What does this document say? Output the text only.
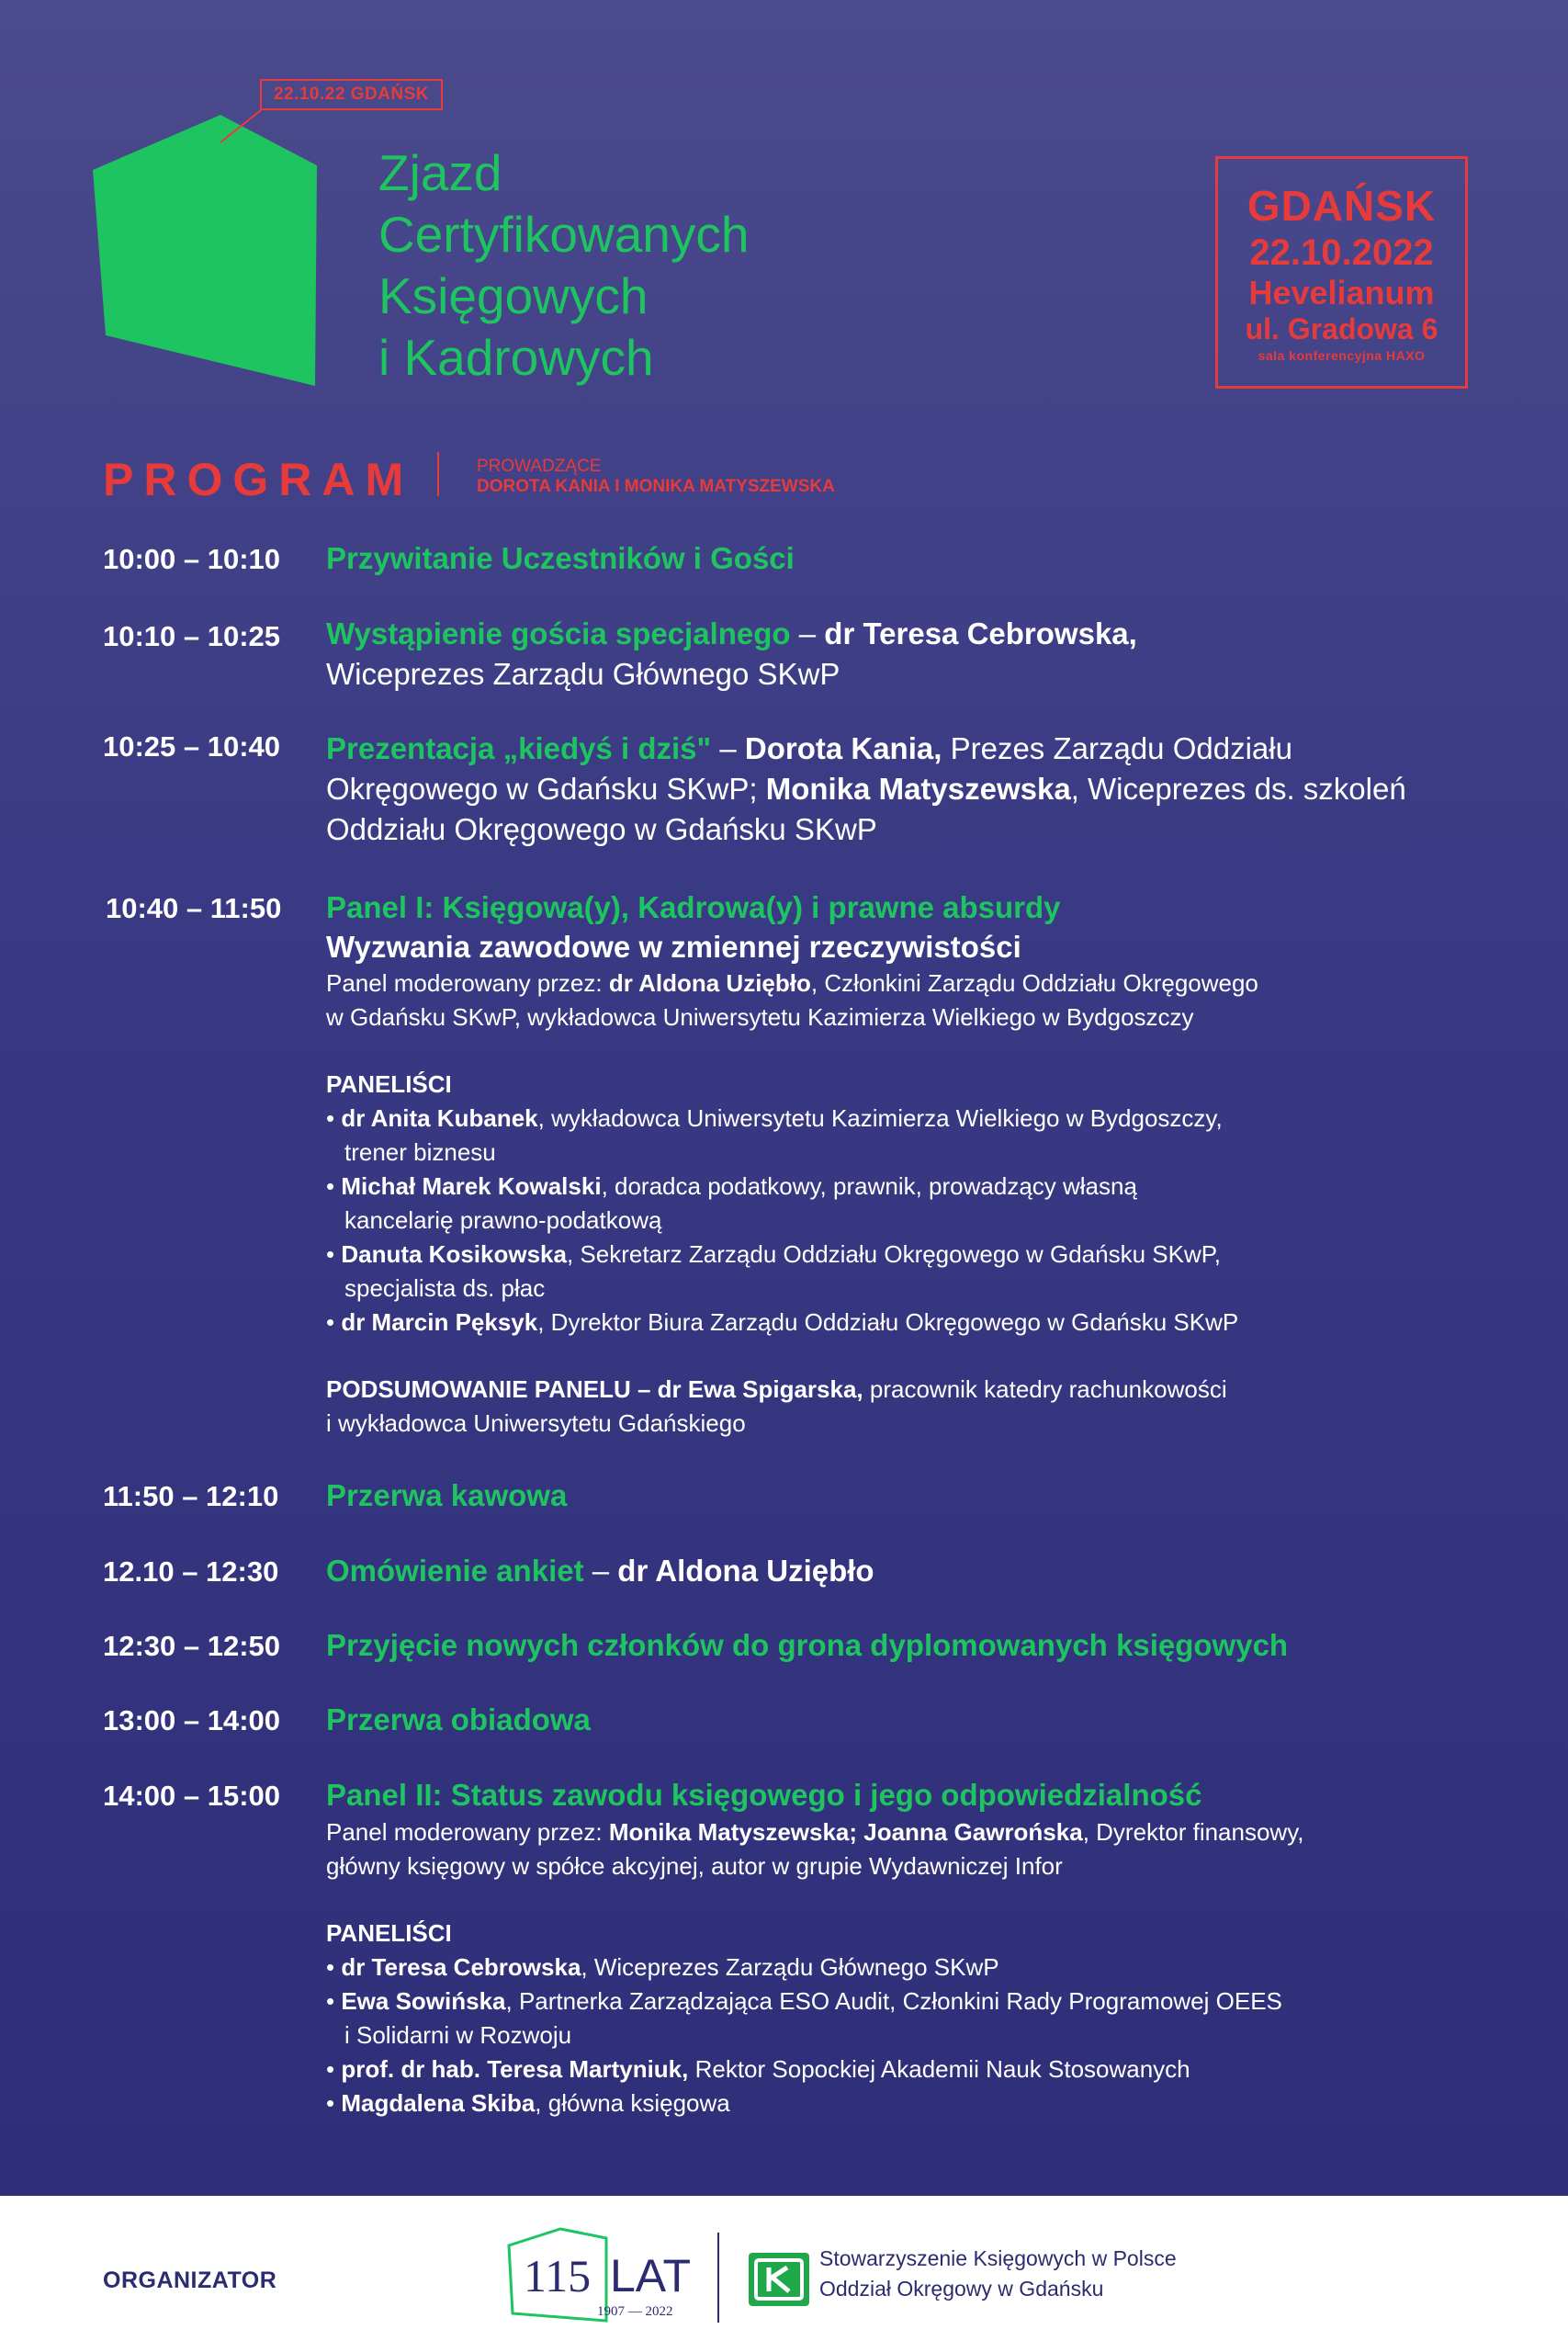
22.10.22 GDAŃSK
Zjazd
Certyfikowanych
Księgowych
i Kadrowych
GDAŃSK
22.10.2022
Hevelianum
ul. Gradowa 6
sala konferencyjna HAXO
PROGRAM	PROWADZĄCE
DOROTA KANIA I MONIKA MATYSZEWSKA
10:00 – 10:10 Przywitanie Uczestników i Gości
10:10 – 10:25 Wystąpienie gościa specjalnego – dr Teresa Cebrowska,
Wiceprezes Zarządu Głównego SKwP
10:25 – 10:40 Prezentacja „kiedyś i dziś" – Dorota Kania, Prezes Zarządu Oddziału
Okręgowego w Gdańsku SKwP; Monika Matyszewska, Wiceprezes ds. szkoleń
Oddziału Okręgowego w Gdańsku SKwP
10:40 – 11:50 Panel I: Księgowa(y), Kadrowa(y) i prawne absurdy
Wyzwania zawodowe w zmiennej rzeczywistości
Panel moderowany przez: dr Aldona Uziębło, Członkini Zarządu Oddziału Okręgowego
w Gdańsku SKwP, wykładowca Uniwersytetu Kazimierza Wielkiego w Bydgoszczy
PANELIŚCI
• dr Anita Kubanek, wykładowca Uniwersytetu Kazimierza Wielkiego w Bydgoszczy,
trener biznesu
• Michał Marek Kowalski, doradca podatkowy, prawnik, prowadzący własną
kancelarię prawno-podatkową
• Danuta Kosikowska, Sekretarz Zarządu Oddziału Okręgowego w Gdańsku SKwP,
specjalista ds. płac
• dr Marcin Pęksyk, Dyrektor Biura Zarządu Oddziału Okręgowego w Gdańsku SKwP
PODSUMOWANIE PANELU – dr Ewa Spigarska, pracownik katedry rachunkowości
i wykładowca Uniwersytetu Gdańskiego
11:50 – 12:10 Przerwa kawowa
12.10 – 12:30 Omówienie ankiet – dr Aldona Uziębło
12:30 – 12:50 Przyjęcie nowych członków do grona dyplomowanych księgowych
13:00 – 14:00 Przerwa obiadowa
14:00 – 15:00 Panel II: Status zawodu księgowego i jego odpowiedzialność
Panel moderowany przez: Monika Matyszewska; Joanna Gawrońska, Dyrektor finansowy,
główny księgowy w spółce akcyjnej, autor w grupie Wydawniczej Infor
PANELIŚCI
• dr Teresa Cebrowska, Wiceprezes Zarządu Głównego SKwP
• Ewa Sowińska, Partnerka Zarządzająca ESO Audit, Członkini Rady Programowej OEES
i Solidarni w Rozwoju
• prof. dr hab. Teresa Martyniuk, Rektor Sopockiej Akademii Nauk Stosowanych
• Magdalena Skiba, główna księgowa
ORGANIZATOR	115 LAT
1907 — 2022
Stowarzyszenie Księgowych w Polsce
Oddział Okręgowy w Gdańsku
